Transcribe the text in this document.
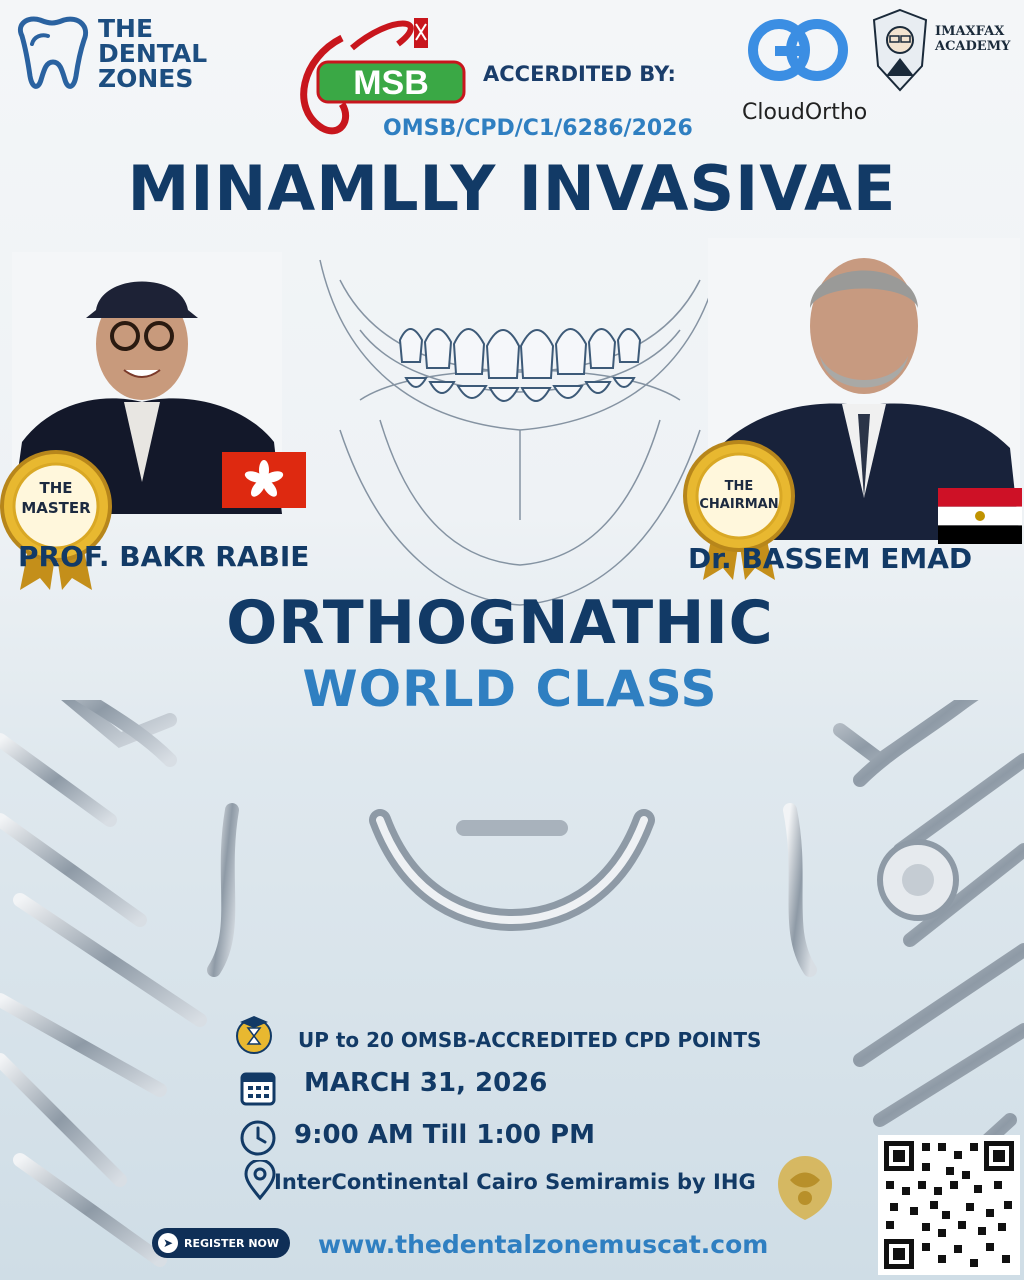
THE
DENTAL
ZONES	MSB	ACCERDITED BY:
OMSB/CPD/C1/6286/2026
CloudOrtho
IMAXFAX
ACADEMY
MINAMLLY INVASIVAE
THE
MASTER
PROF. BAKR RABIE
THE
CHAIRMAN
Dr. BASSEM EMAD
ORTHOGNATHIC
WORLD CLASS
UP to 20 OMSB-ACCREDITED CPD POINTS
MARCH 31, 2026
9:00 AM Till 1:00 PM
InterContinental Cairo Semiramis by IHG
➤ REGISTER NOW www.thedentalzonemuscat.com
